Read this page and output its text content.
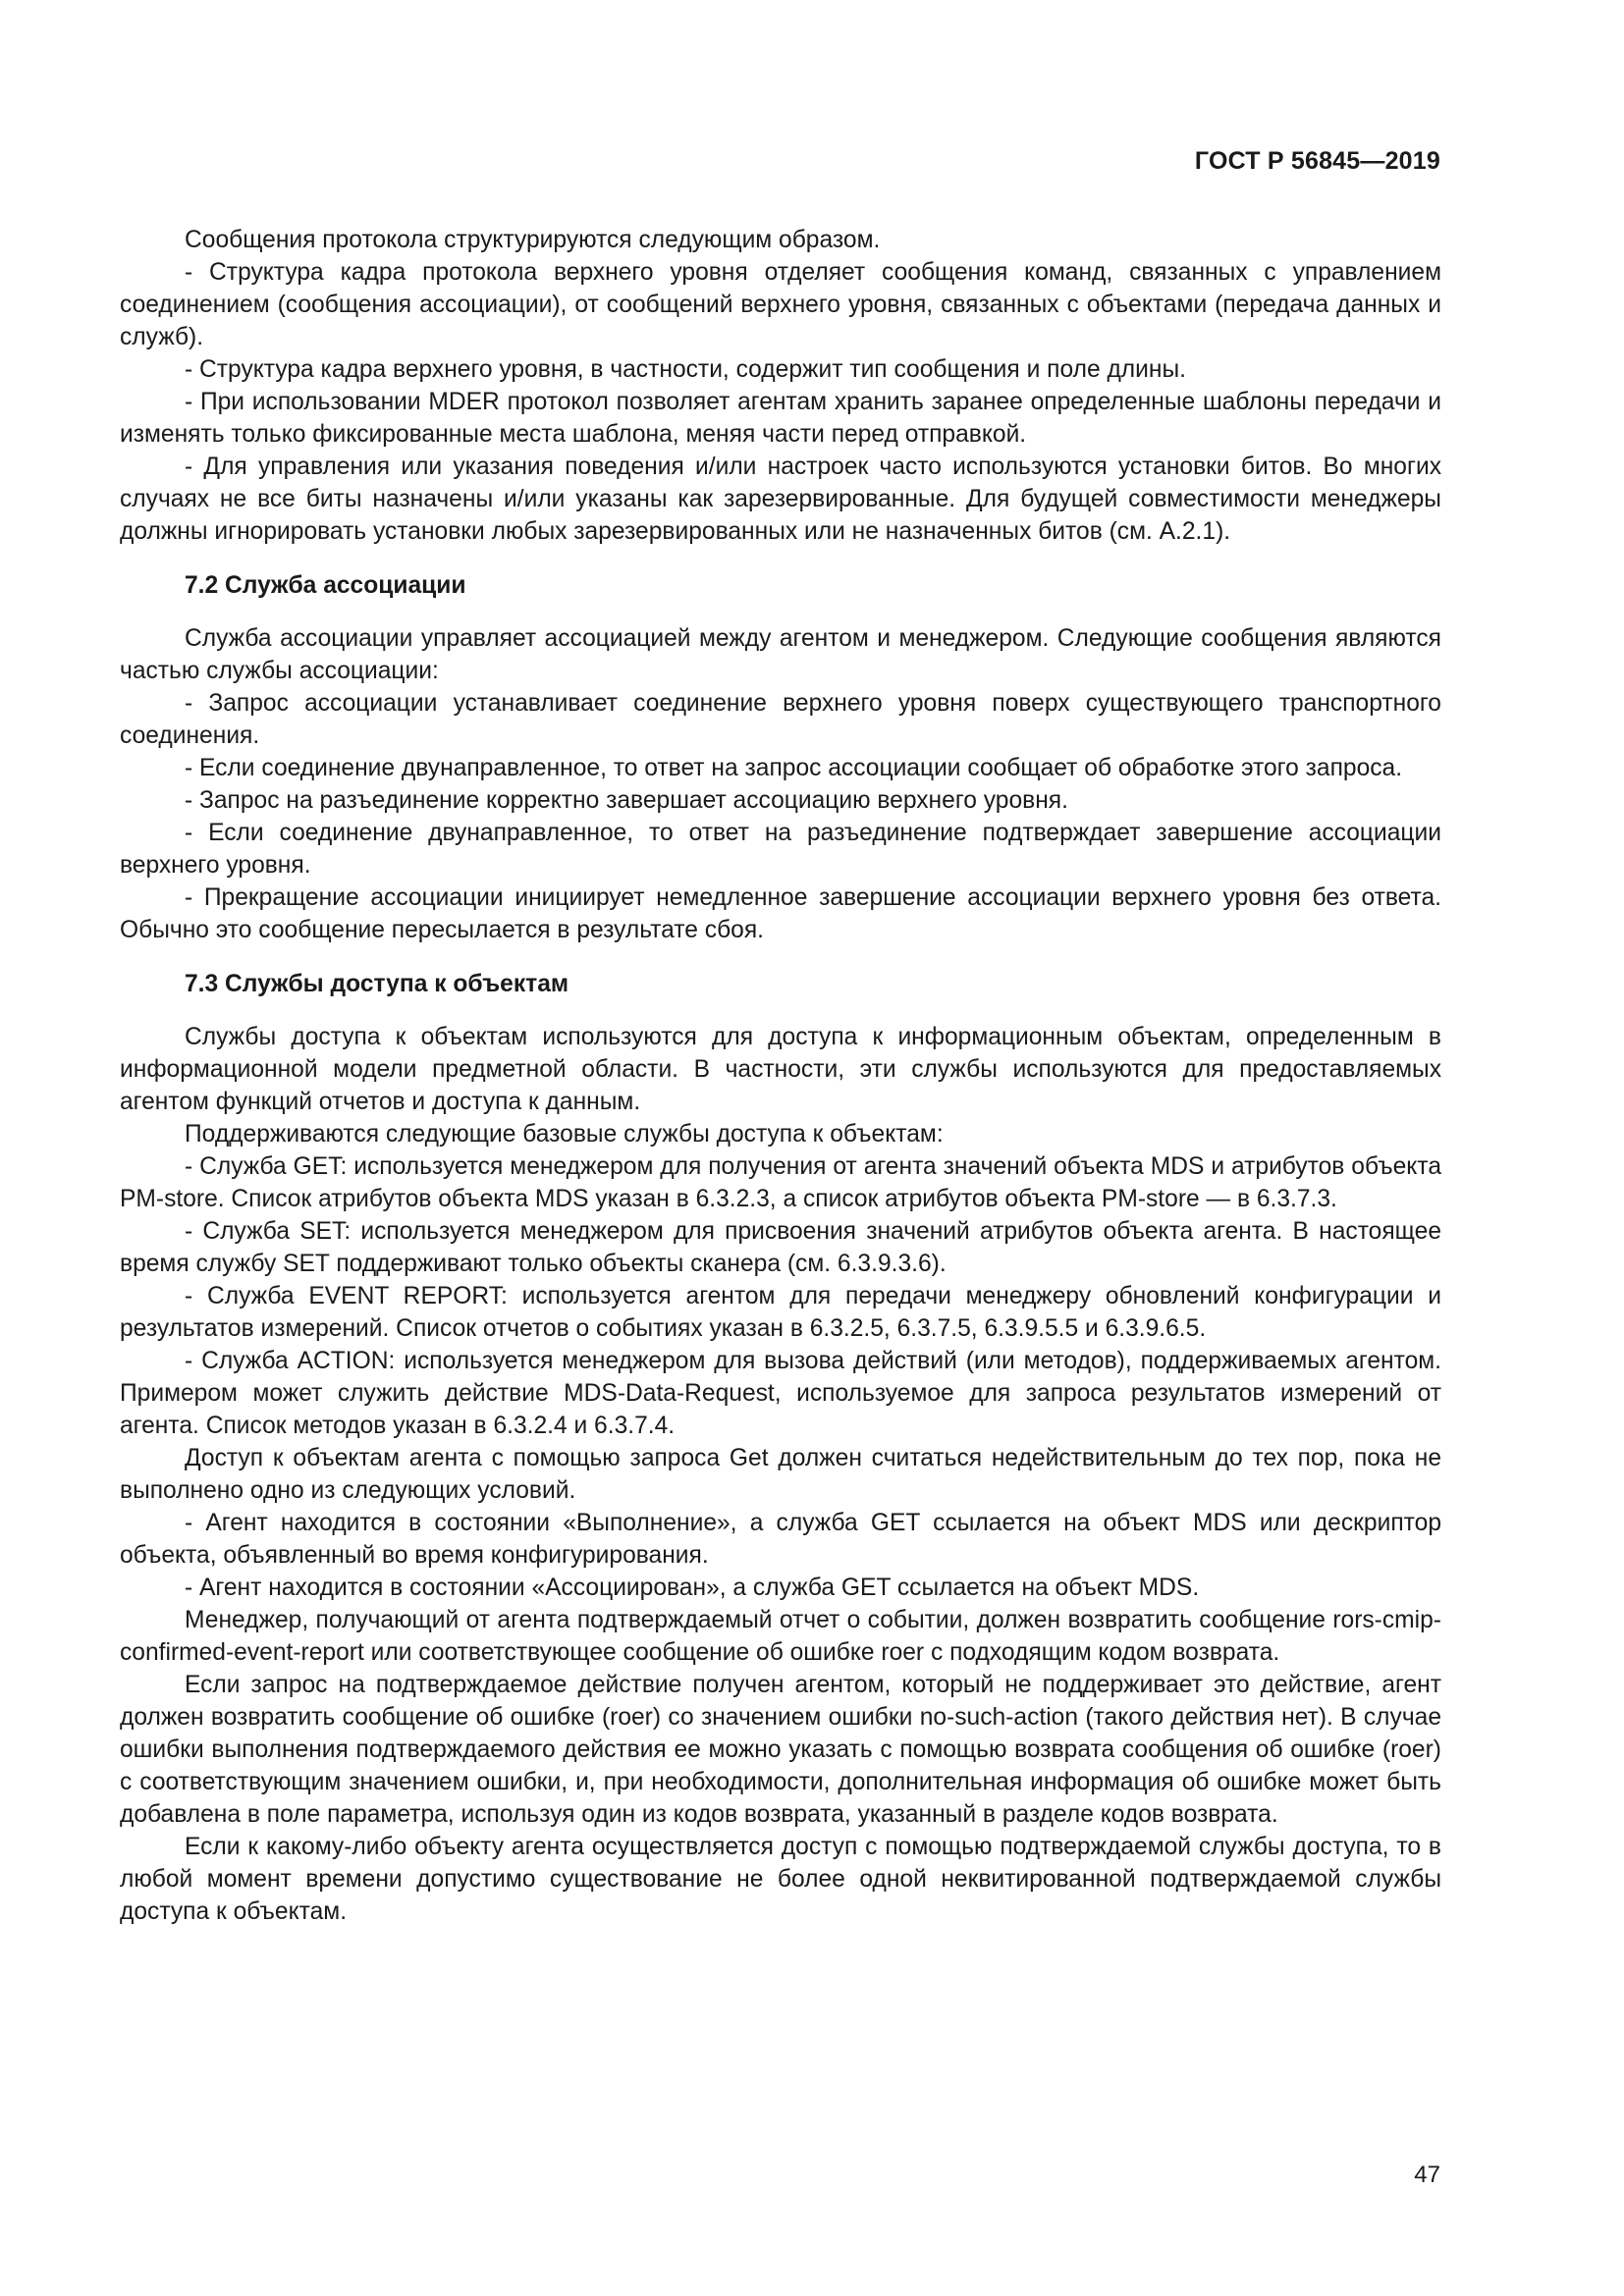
ГОСТ Р 56845—2019

Сообщения протокола структурируются следующим образом.

- Структура кадра протокола верхнего уровня отделяет сообщения команд, связанных с управлением соединением (сообщения ассоциации), от сообщений верхнего уровня, связанных с объектами (передача данных и служб).

- Структура кадра верхнего уровня, в частности, содержит тип сообщения и поле длины.

- При использовании MDER протокол позволяет агентам хранить заранее определенные шаблоны передачи и изменять только фиксированные места шаблона, меняя части перед отправкой.

- Для управления или указания поведения и/или настроек часто используются установки битов. Во многих случаях не все биты назначены и/или указаны как зарезервированные. Для будущей совместимости менеджеры должны игнорировать установки любых зарезервированных или не назначенных битов (см. А.2.1).

7.2 Служба ассоциации

Служба ассоциации управляет ассоциацией между агентом и менеджером. Следующие сообщения являются частью службы ассоциации:

- Запрос ассоциации устанавливает соединение верхнего уровня поверх существующего транспортного соединения.

- Если соединение двунаправленное, то ответ на запрос ассоциации сообщает об обработке этого запроса.

- Запрос на разъединение корректно завершает ассоциацию верхнего уровня.

- Если соединение двунаправленное, то ответ на разъединение подтверждает завершение ассоциации верхнего уровня.

- Прекращение ассоциации инициирует немедленное завершение ассоциации верхнего уровня без ответа. Обычно это сообщение пересылается в результате сбоя.

7.3 Службы доступа к объектам

Службы доступа к объектам используются для доступа к информационным объектам, определенным в информационной модели предметной области. В частности, эти службы используются для предоставляемых агентом функций отчетов и доступа к данным.

Поддерживаются следующие базовые службы доступа к объектам:

- Служба GET: используется менеджером для получения от агента значений объекта MDS и атрибутов объекта PM-store. Список атрибутов объекта MDS указан в 6.3.2.3, а список атрибутов объекта PM-store — в 6.3.7.3.

- Служба SET: используется менеджером для присвоения значений атрибутов объекта агента. В настоящее время службу SET поддерживают только объекты сканера (см. 6.3.9.3.6).

- Служба EVENT REPORT: используется агентом для передачи менеджеру обновлений конфигурации и результатов измерений. Список отчетов о событиях указан в 6.3.2.5, 6.3.7.5, 6.3.9.5.5 и 6.3.9.6.5.

- Служба ACTION: используется менеджером для вызова действий (или методов), поддерживаемых агентом. Примером может служить действие MDS-Data-Request, используемое для запроса результатов измерений от агента. Список методов указан в 6.3.2.4 и 6.3.7.4.

Доступ к объектам агента с помощью запроса Get должен считаться недействительным до тех пор, пока не выполнено одно из следующих условий.

- Агент находится в состоянии «Выполнение», а служба GET ссылается на объект MDS или дескриптор объекта, объявленный во время конфигурирования.

- Агент находится в состоянии «Ассоциирован», а служба GET ссылается на объект MDS.

Менеджер, получающий от агента подтверждаемый отчет о событии, должен возвратить сообщение rors-cmip-confirmed-event-report или соответствующее сообщение об ошибке roer с подходящим кодом возврата.

Если запрос на подтверждаемое действие получен агентом, который не поддерживает это действие, агент должен возвратить сообщение об ошибке (roer) со значением ошибки no-such-action (такого действия нет). В случае ошибки выполнения подтверждаемого действия ее можно указать с помощью возврата сообщения об ошибке (roer) с соответствующим значением ошибки, и, при необходимости, дополнительная информация об ошибке может быть добавлена в поле параметра, используя один из кодов возврата, указанный в разделе кодов возврата.

Если к какому-либо объекту агента осуществляется доступ с помощью подтверждаемой службы доступа, то в любой момент времени допустимо существование не более одной неквитированной подтверждаемой службы доступа к объектам.

47
